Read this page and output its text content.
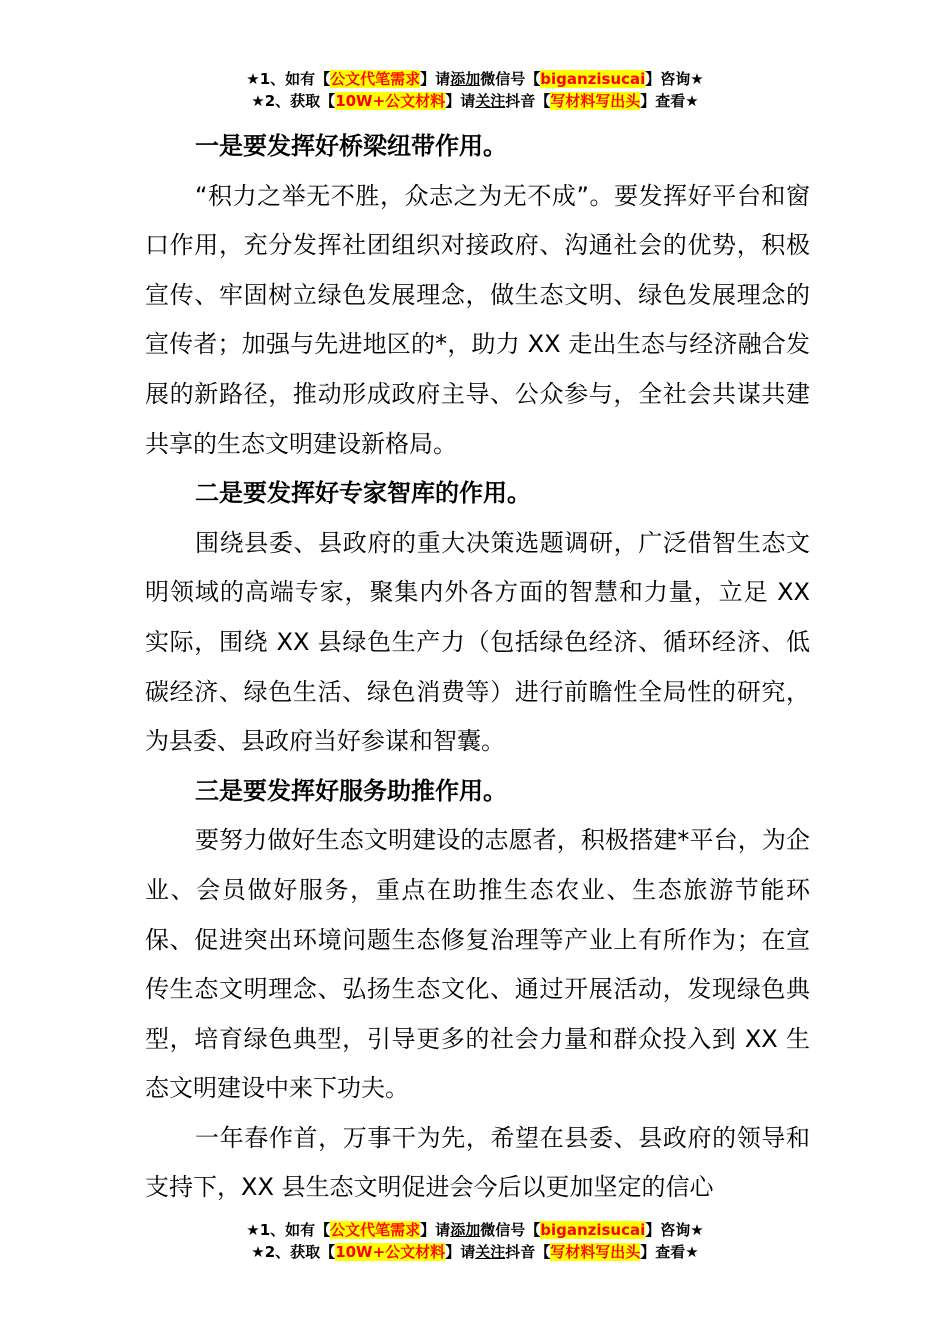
★1、如有【公文代笔需求】请添加微信号【biganzisucai】咨询★
★2、获取【10W+公文材料】请关注抖音【写材料写出头】查看★

一是要发挥好桥梁纽带作用。

“积力之举无不胜，众志之为无不成”。要发挥好平台和窗口作用，充分发挥社团组织对接政府、沟通社会的优势，积极宣传、牢固树立绿色发展理念，做生态文明、绿色发展理念的宣传者；加强与先进地区的*，助力 XX 走出生态与经济融合发展的新路径，推动形成政府主导、公众参与，全社会共谋共建共享的生态文明建设新格局。

二是要发挥好专家智库的作用。

围绕县委、县政府的重大决策选题调研，广泛借智生态文明领域的高端专家，聚集内外各方面的智慧和力量，立足 XX 实际，围绕 XX 县绿色生产力（包括绿色经济、循环经济、低碳经济、绿色生活、绿色消费等）进行前瞻性全局性的研究，为县委、县政府当好参谋和智囊。

三是要发挥好服务助推作用。

要努力做好生态文明建设的志愿者，积极搭建*平台，为企业、会员做好服务，重点在助推生态农业、生态旅游节能环保、促进突出环境问题生态修复治理等产业上有所作为；在宣传生态文明理念、弘扬生态文化、通过开展活动，发现绿色典型，培育绿色典型，引导更多的社会力量和群众投入到 XX 生态文明建设中来下功夫。

一年春作首，万事干为先，希望在县委、县政府的领导和支持下，XX 县生态文明促进会今后以更加坚定的信心

★1、如有【公文代笔需求】请添加微信号【biganzisucai】咨询★
★2、获取【10W+公文材料】请关注抖音【写材料写出头】查看★
